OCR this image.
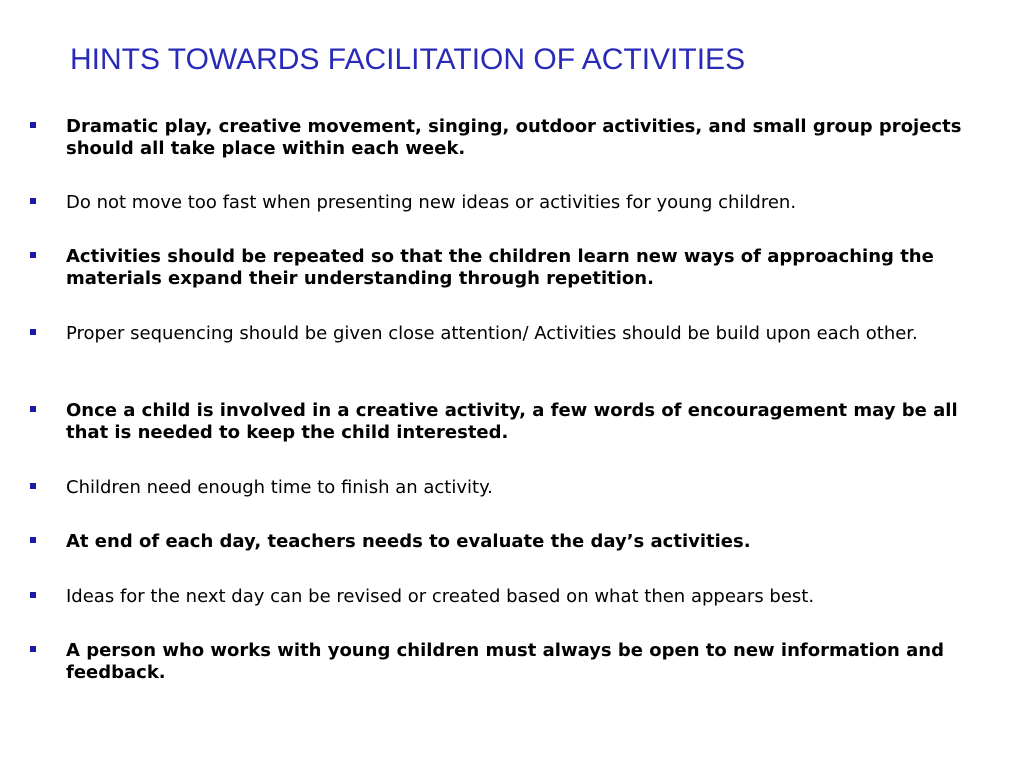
HINTS TOWARDS FACILITATION OF ACTIVITIES
Dramatic play, creative movement, singing, outdoor activities, and small group projects should all take place within each week.
Do not move too fast when presenting new ideas or activities for young children.
Activities should be repeated so that the children learn new ways of approaching the materials expand their understanding through repetition.
Proper sequencing should be given close attention/ Activities should be build upon each other.
Once a child is involved in a creative activity, a few words of encouragement may be all that is needed to keep the child interested.
Children need enough time to finish an activity.
At end of each day, teachers needs to evaluate the day’s activities.
Ideas for the next day can be revised or created based on what then appears best.
A person who works with young children must always be open to new information and feedback.
